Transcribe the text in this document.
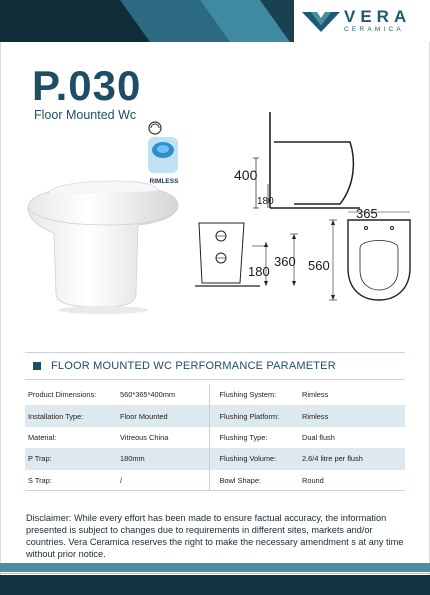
VERA
CERAMICA
P.030
Floor Mounted Wc
RIMLESS	400
180
365
560
180
360
FLOOR MOUNTED WC PERFORMANCE PARAMETER
Product Dimensions:	560*365*400mm	Flushing System:	Rimless
Installation Type:	Floor Mounted	Flushing Platform:	Rimless
Material:	Vitreous China	Flushing Type:	Dual flush
P Trap:	180mm	Flushing Volume:	2.6/4 litre per flush
S Trap:	/	Bowl Shape:	Round
Disclaimer: While every effort has been made to ensure factual accuracy, the information presented is subject to changes due to requirements in different sites, markets and/or countries. Vera Ceramica reserves the right to make the necessary amendment s at any time without prior notice.
